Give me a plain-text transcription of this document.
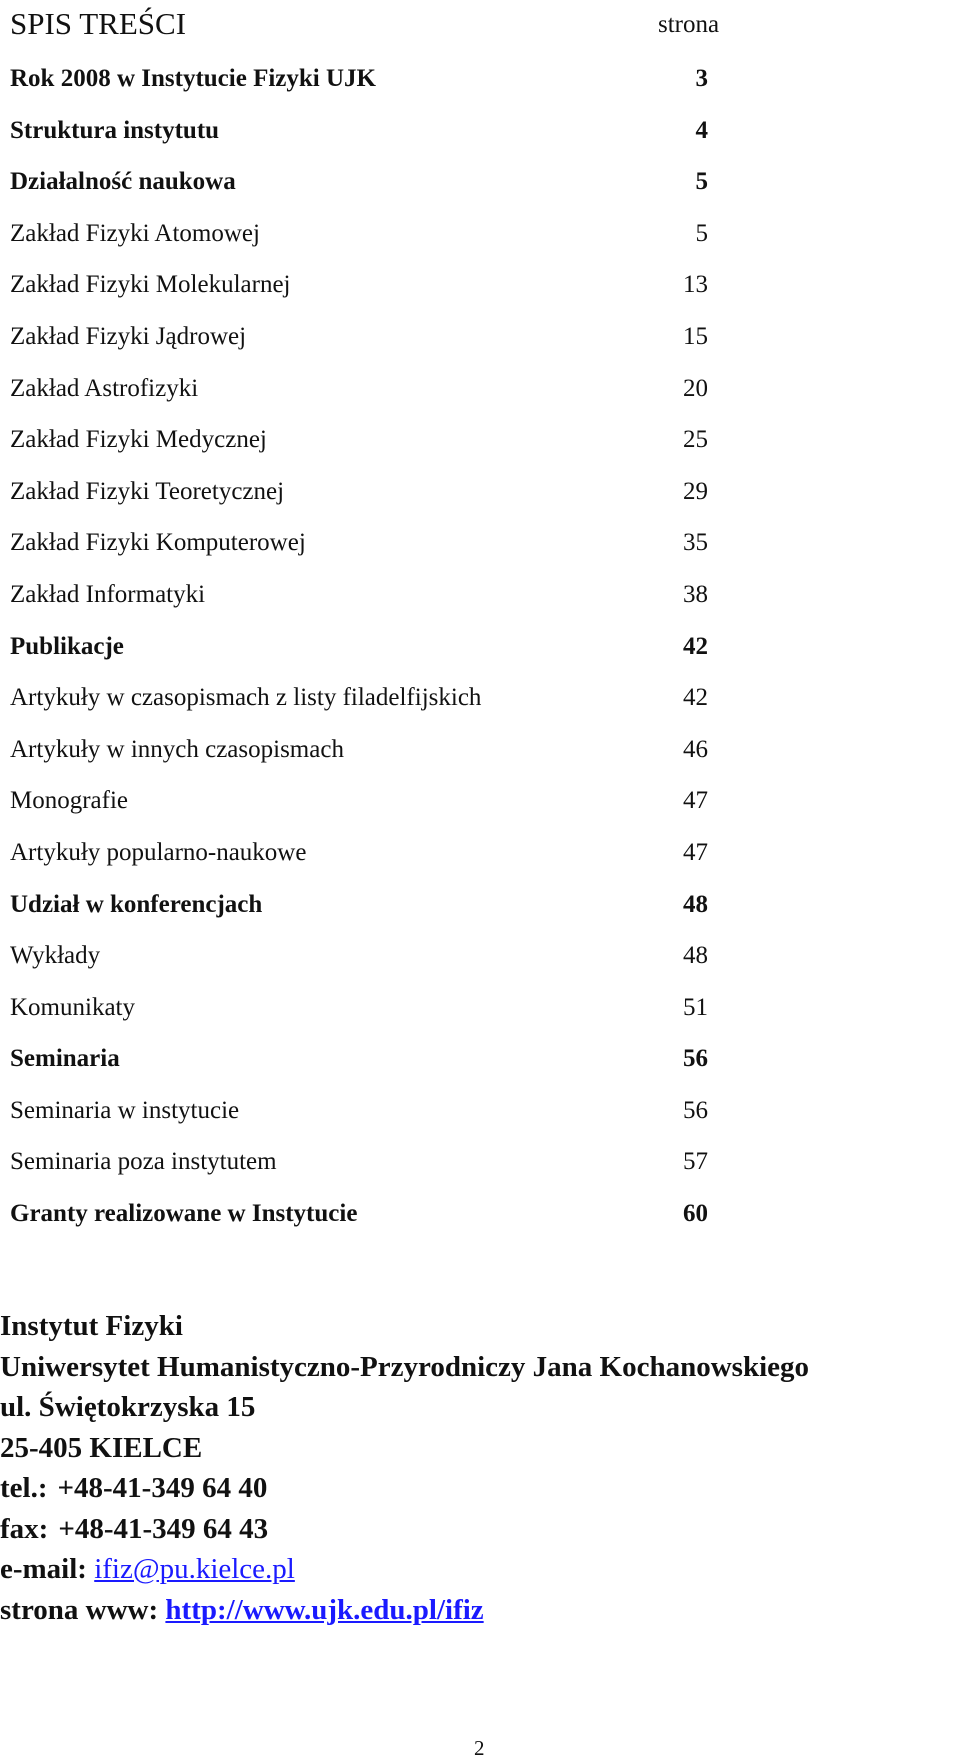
SPIS TREŚCI	strona
Rok 2008 w Instytucie Fizyki UJK	3
Struktura instytutu	4
Działalność naukowa	5
Zakład Fizyki Atomowej	5
Zakład Fizyki Molekularnej	13
Zakład Fizyki Jądrowej	15
Zakład Astrofizyki	20
Zakład Fizyki Medycznej	25
Zakład Fizyki Teoretycznej	29
Zakład Fizyki Komputerowej	35
Zakład Informatyki	38
Publikacje	42
Artykuły w czasopismach z listy filadelfijskich	42
Artykuły w innych czasopismach	46
Monografie	47
Artykuły popularno-naukowe	47
Udział w konferencjach	48
Wykłady	48
Komunikaty	51
Seminaria	56
Seminaria w instytucie	56
Seminaria poza instytutem	57
Granty realizowane w Instytucie	60
Instytut Fizyki
Uniwersytet Humanistyczno-Przyrodniczy Jana Kochanowskiego
ul. Świętokrzyska 15
25-405 KIELCE
tel.: +48-41-349 64 40
fax: +48-41-349 64 43
e-mail: ifiz@pu.kielce.pl
strona www: http://www.ujk.edu.pl/ifiz
2
